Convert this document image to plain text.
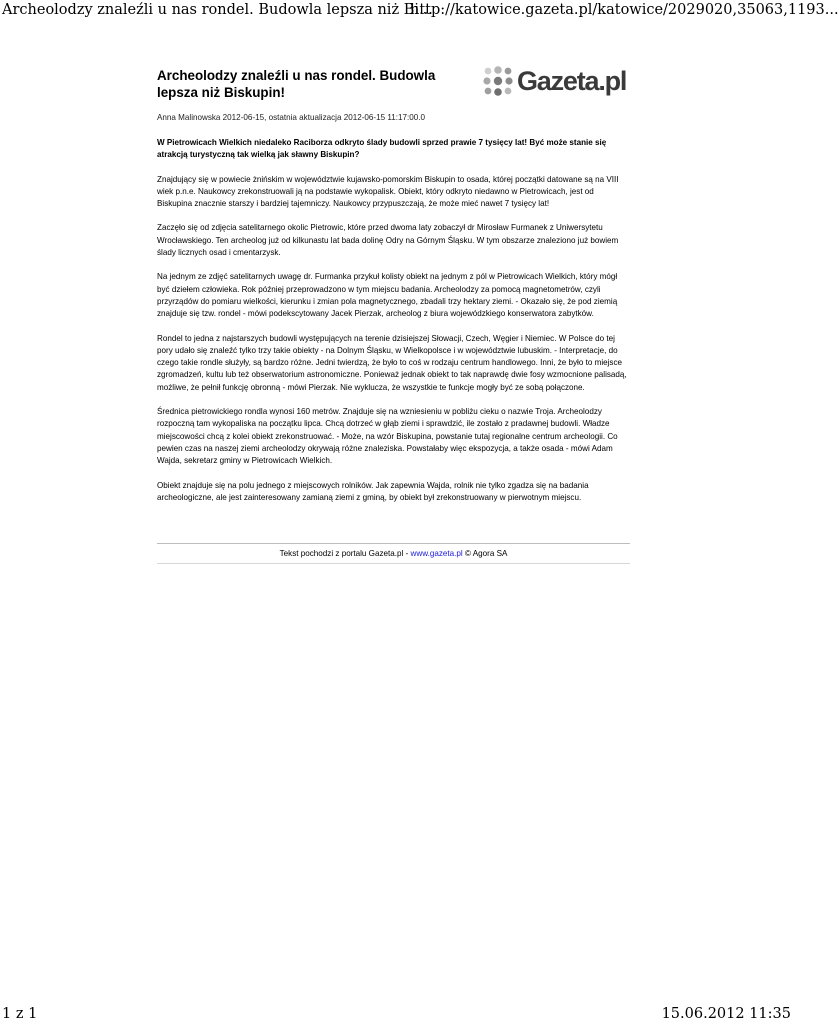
Archeolodzy znaleźli u nas rondel. Budowla lepsza niż Bi...
http://katowice.gazeta.pl/katowice/2029020,35063,1193...
Archeolodzy znaleźli u nas rondel. Budowla lepsza niż Biskupin!	Gazeta.pl
Anna Malinowska 2012-06-15, ostatnia aktualizacja 2012-06-15 11:17:00.0
W Pietrowicach Wielkich niedaleko Raciborza odkryto ślady budowli sprzed prawie 7 tysięcy lat! Być może stanie się atrakcją turystyczną tak wielką jak sławny Biskupin?
Znajdujący się w powiecie żnińskim w województwie kujawsko-pomorskim Biskupin to osada, której początki datowane są na VIII wiek p.n.e. Naukowcy zrekonstruowali ją na podstawie wykopalisk. Obiekt, który odkryto niedawno w Pietrowicach, jest od Biskupina znacznie starszy i bardziej tajemniczy. Naukowcy przypuszczają, że może mieć nawet 7 tysięcy lat!
Zaczęło się od zdjęcia satelitarnego okolic Pietrowic, które przed dwoma laty zobaczył dr Mirosław Furmanek z Uniwersytetu Wrocławskiego. Ten archeolog już od kilkunastu lat bada dolinę Odry na Górnym Śląsku. W tym obszarze znaleziono już bowiem ślady licznych osad i cmentarzysk.
Na jednym ze zdjęć satelitarnych uwagę dr. Furmanka przykuł kolisty obiekt na jednym z pól w Pietrowicach Wielkich, który mógł być dziełem człowieka. Rok później przeprowadzono w tym miejscu badania. Archeolodzy za pomocą magnetometrów, czyli przyrządów do pomiaru wielkości, kierunku i zmian pola magnetycznego, zbadali trzy hektary ziemi. - Okazało się, że pod ziemią znajduje się tzw. rondel - mówi podekscytowany Jacek Pierzak, archeolog z biura wojewódzkiego konserwatora zabytków.
Rondel to jedna z najstarszych budowli występujących na terenie dzisiejszej Słowacji, Czech, Węgier i Niemiec. W Polsce do tej pory udało się znaleźć tylko trzy takie obiekty - na Dolnym Śląsku, w Wielkopolsce i w województwie lubuskim. - Interpretacje, do czego takie rondle służyły, są bardzo różne. Jedni twierdzą, że było to coś w rodzaju centrum handlowego. Inni, że było to miejsce zgromadzeń, kultu lub też obserwatorium astronomiczne. Ponieważ jednak obiekt to tak naprawdę dwie fosy wzmocnione palisadą, możliwe, że pełnił funkcję obronną - mówi Pierzak. Nie wyklucza, że wszystkie te funkcje mogły być ze sobą połączone.
Średnica pietrowickiego rondla wynosi 160 metrów. Znajduje się na wzniesieniu w pobliżu cieku o nazwie Troja. Archeolodzy rozpoczną tam wykopaliska na początku lipca. Chcą dotrzeć w głąb ziemi i sprawdzić, ile zostało z pradawnej budowli. Władze miejscowości chcą z kolei obiekt zrekonstruować. - Może, na wzór Biskupina, powstanie tutaj regionalne centrum archeologii. Co pewien czas na naszej ziemi archeolodzy okrywają różne znaleziska. Powstałaby więc ekspozycja, a także osada - mówi Adam Wajda, sekretarz gminy w Pietrowicach Wielkich.
Obiekt znajduje się na polu jednego z miejscowych rolników. Jak zapewnia Wajda, rolnik nie tylko zgadza się na badania archeologiczne, ale jest zainteresowany zamianą ziemi z gminą, by obiekt był zrekonstruowany w pierwotnym miejscu.
Tekst pochodzi z portalu Gazeta.pl - www.gazeta.pl © Agora SA
1 z 1	15.06.2012 11:35
